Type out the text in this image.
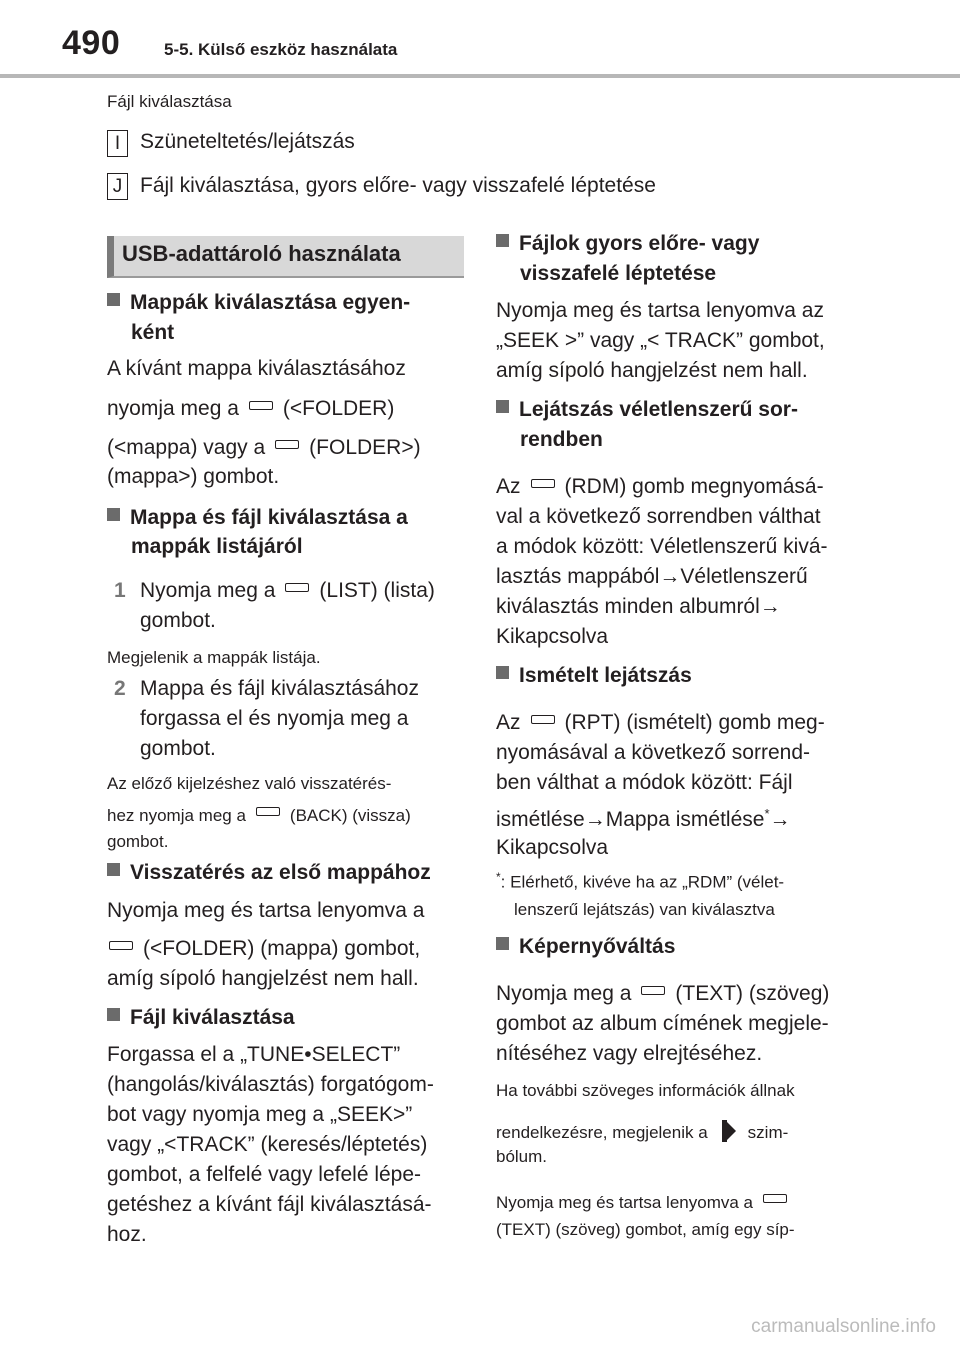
490	5-5. Külső eszköz használata
Fájl kiválasztása
I Szüneteltetés/lejátszás
J Fájl kiválasztása, gyors előre- vagy visszafelé léptetése
USB-adattároló használata
Mappák kiválasztása egyen-
ként
A kívánt mappa kiválasztásához
nyomja meg a (<FOLDER)
(<mappa) vagy a (FOLDER>)
(mappa>) gombot.
Mappa és fájl kiválasztása a
mappák listájáról
1 Nyomja meg a (LIST) (lista)
gombot.
Megjelenik a mappák listája.
2 Mappa és fájl kiválasztásához
forgassa el és nyomja meg a
gombot.
Az előző kijelzéshez való visszatérés-
hez nyomja meg a	(BACK) (vissza)
gombot.
Visszatérés az első mappához
Nyomja meg és tartsa lenyomva a
(<FOLDER) (mappa) gombot,
amíg sípoló hangjelzést nem hall.
Fájl kiválasztása
Forgassa el a „TUNE•SELECT”
(hangolás/kiválasztás) forgatógom-
bot vagy nyomja meg a „SEEK>”
vagy „<TRACK” (keresés/léptetés)
gombot, a felfelé vagy lefelé lépe-
getéshez a kívánt fájl kiválasztásá-
hoz.
Fájlok gyors előre- vagy
visszafelé léptetése
Nyomja meg és tartsa lenyomva az
„SEEK >” vagy „< TRACK” gombot,
amíg sípoló hangjelzést nem hall.
Lejátszás véletlenszerű sor-
rendben
Az (RDM) gomb megnyomásá-
val a következő sorrendben válthat
a módok között: Véletlenszerű kivá-
lasztás mappából→Véletlenszerű
kiválasztás minden albumról→
Kikapcsolva
Ismételt lejátszás
Az (RPT) (ismételt) gomb meg-
nyomásával a következő sorrend-
ben válthat a módok között: Fájl
ismétlése→Mappa ismétlése*→
Kikapcsolva
*: Elérhető, kivéve ha az „RDM” (vélet-
lenszerű lejátszás) van kiválasztva
Képernyőváltás
Nyomja meg a (TEXT) (szöveg)
gombot az album címének megjele-
nítéséhez vagy elrejtéséhez.
Ha további szöveges információk állnak
rendelkezésre, megjelenik a szim-
bólum.
Nyomja meg és tartsa lenyomva a
(TEXT) (szöveg) gombot, amíg egy síp-
carmanualsonline.info
